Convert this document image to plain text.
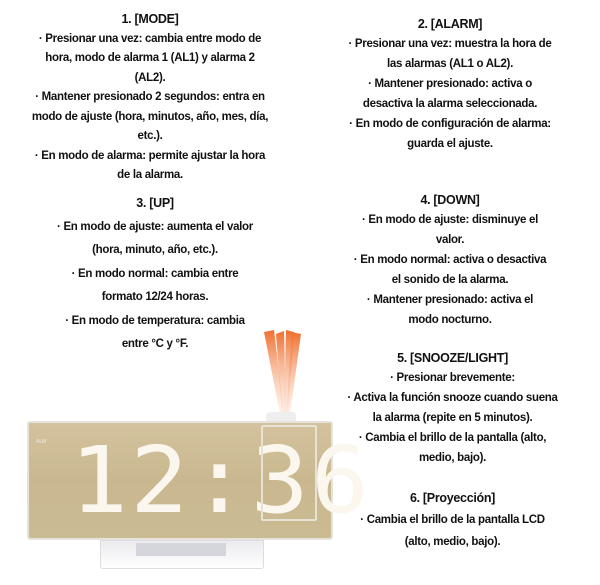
1. [MODE]

· Presionar una vez: cambia entre modo de

hora, modo de alarma 1 (AL1) y alarma 2

(AL2).

· Mantener presionado 2 segundos: entra en

modo de ajuste (hora, minutos, año, mes, día,

etc.).

· En modo de alarma: permite ajustar la hora

de la alarma.

2. [ALARM]

· Presionar una vez: muestra la hora de

las alarmas (AL1 o AL2).

· Mantener presionado: activa o

desactiva la alarma seleccionada.

· En modo de configuración de alarma:

guarda el ajuste.

3. [UP]

· En modo de ajuste: aumenta el valor

(hora, minuto, año, etc.).

· En modo normal: cambia entre

formato 12/24 horas.

· En modo de temperatura: cambia

entre °C y °F.

4. [DOWN]

· En modo de ajuste: disminuye el

valor.

· En modo normal: activa o desactiva

el sonido de la alarma.

· Mantener presionado: activa el

modo nocturno.

5. [SNOOZE/LIGHT]

· Presionar brevemente:

· Activa la función snooze cuando suena

la alarma (repite en 5 minutos).

· Cambia el brillo de la pantalla (alto,

medio, bajo).

6. [Proyección]

· Cambia el brillo de la pantalla LCD

(alto, medio, bajo).

ALM 12:36
